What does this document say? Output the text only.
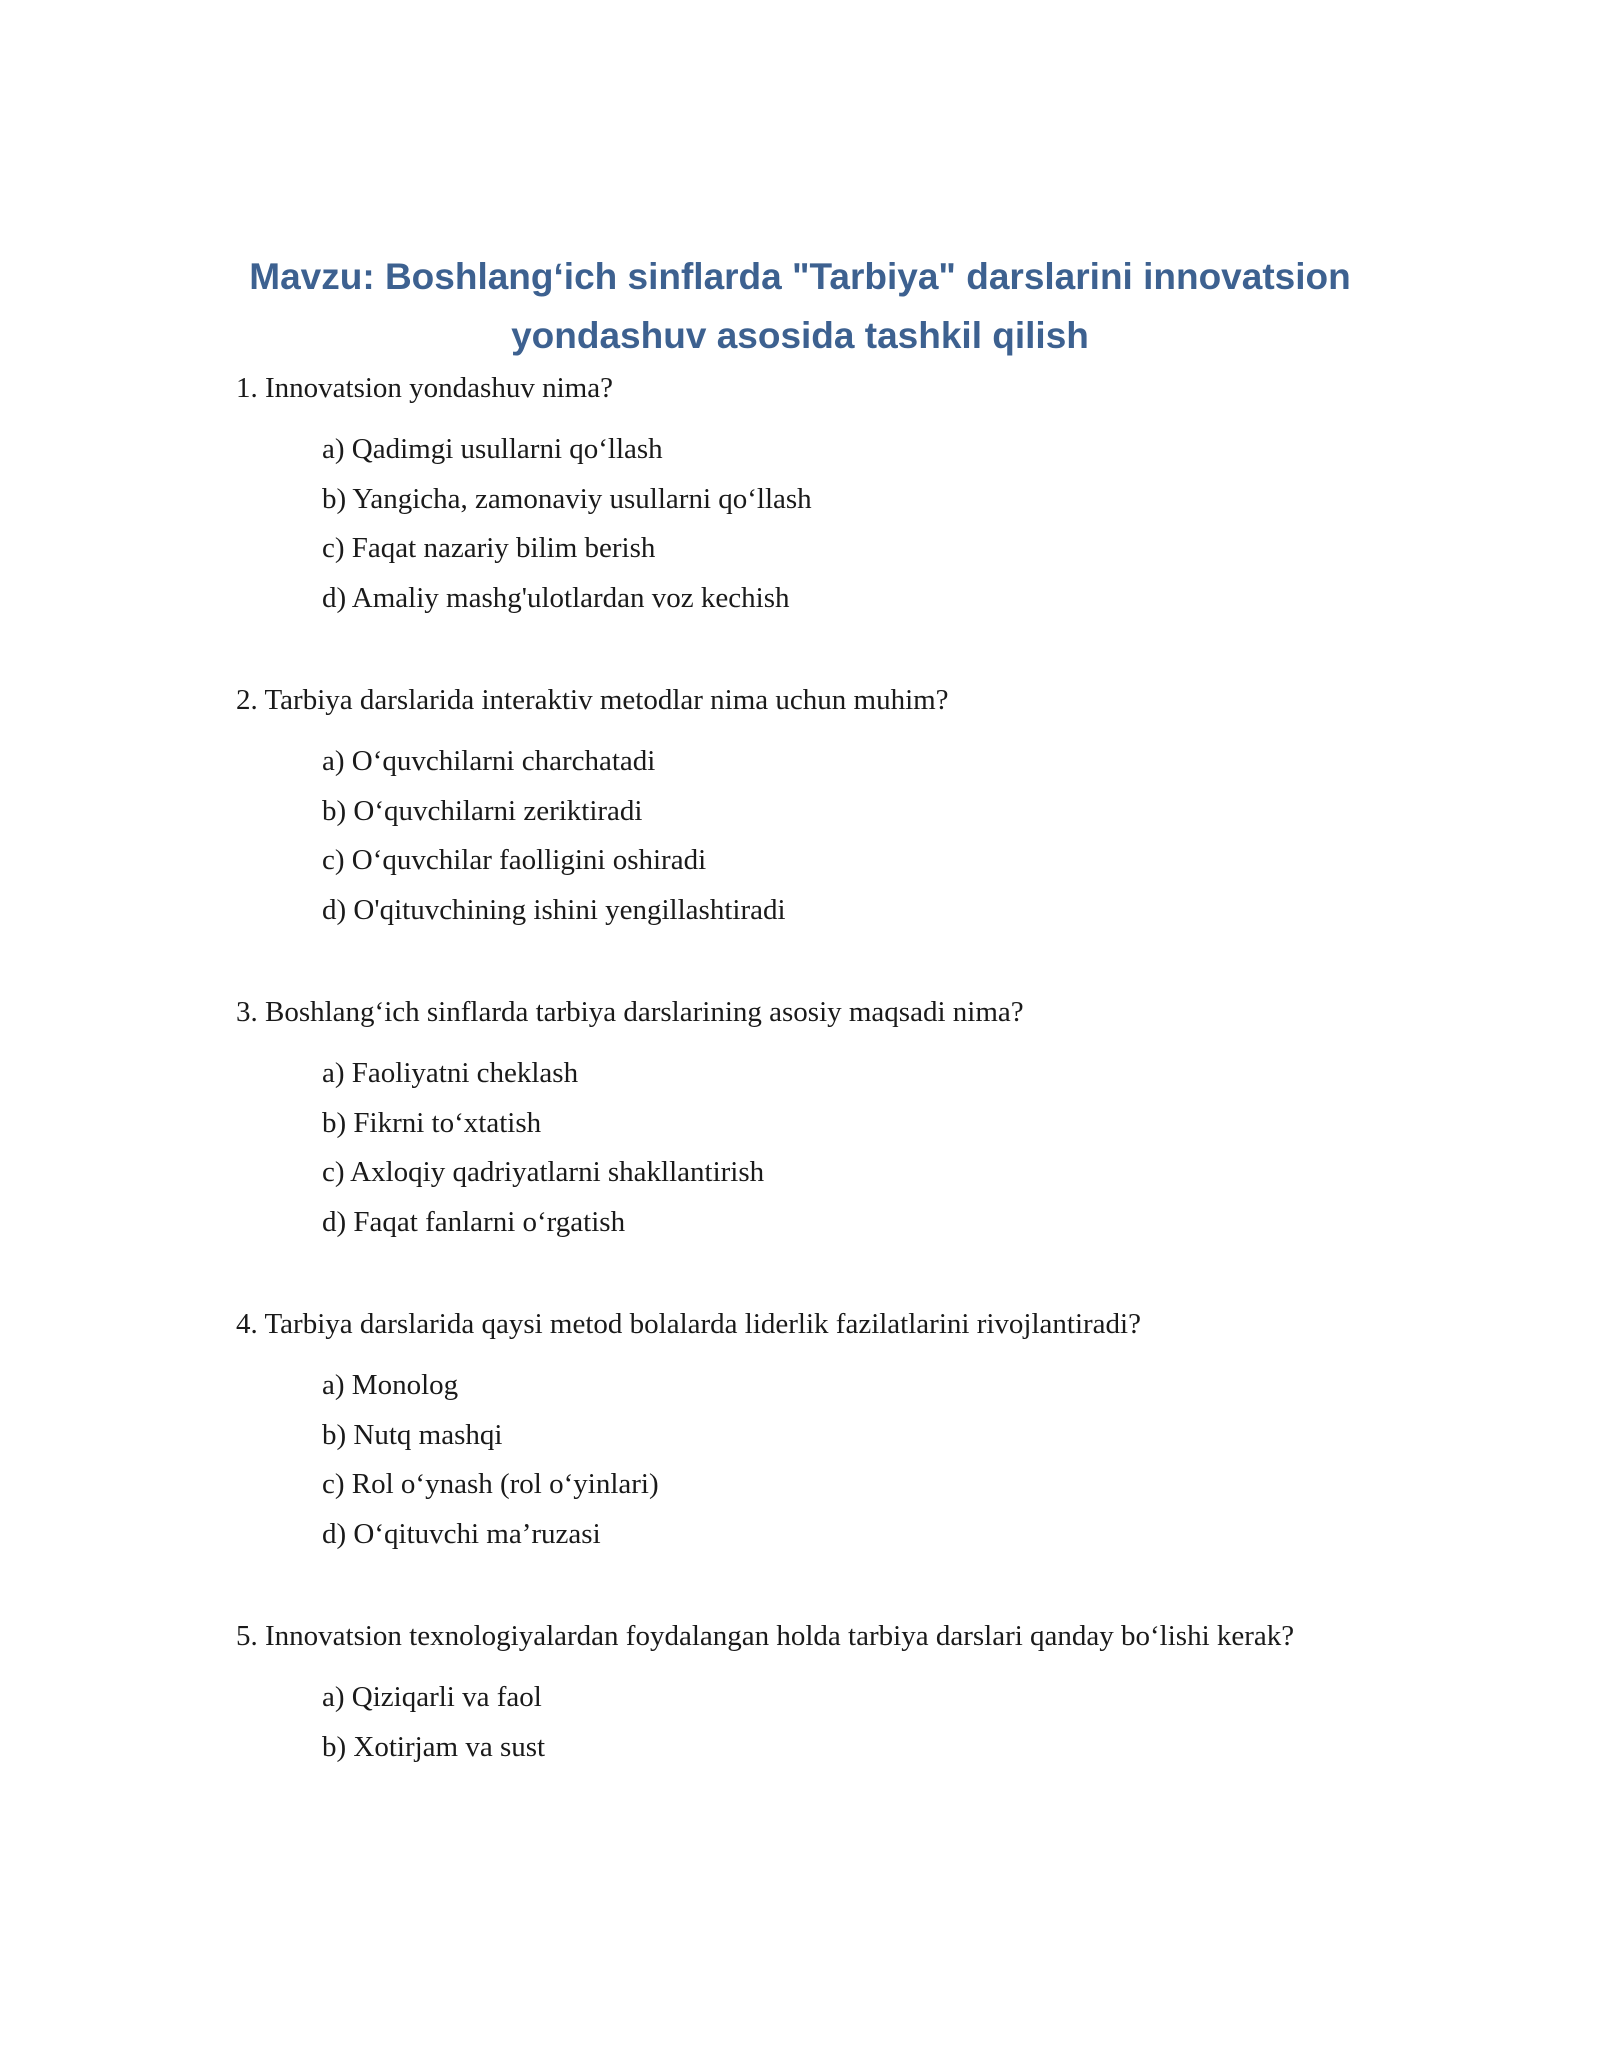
Mavzu: Boshlang‘ich sinflarda "Tarbiya" darslarini innovatsion
yondashuv asosida tashkil qilish

1. Innovatsion yondashuv nima?

a) Qadimgi usullarni qo‘llash
b) Yangicha, zamonaviy usullarni qo‘llash
c) Faqat nazariy bilim berish
d) Amaliy mashg'ulotlardan voz kechish

2. Tarbiya darslarida interaktiv metodlar nima uchun muhim?

a) O‘quvchilarni charchatadi
b) O‘quvchilarni zeriktiradi
c) O‘quvchilar faolligini oshiradi
d) O'qituvchining ishini yengillashtiradi

3. Boshlang‘ich sinflarda tarbiya darslarining asosiy maqsadi nima?

a) Faoliyatni cheklash
b) Fikrni to‘xtatish
c) Axloqiy qadriyatlarni shakllantirish
d) Faqat fanlarni o‘rgatish

4. Tarbiya darslarida qaysi metod bolalarda liderlik fazilatlarini rivojlantiradi?

a) Monolog
b) Nutq mashqi
c) Rol o‘ynash (rol o‘yinlari)
d) O‘qituvchi ma’ruzasi

5. Innovatsion texnologiyalardan foydalangan holda tarbiya darslari qanday bo‘lishi kerak?

a) Qiziqarli va faol
b) Xotirjam va sust
